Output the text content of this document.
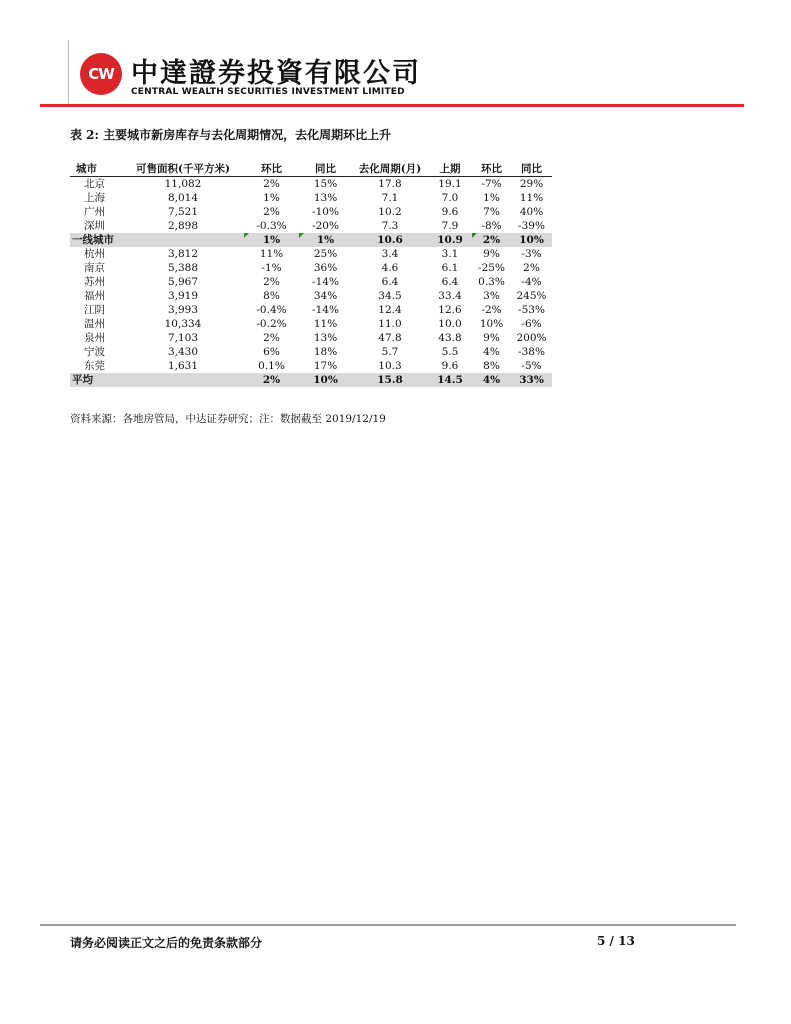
CW 中達證券投資有限公司
CENTRAL WEALTH SECURITIES INVESTMENT LIMITED
表 2: 主要城市新房库存与去化周期情况，去化周期环比上升
城市	可售面积(千平方米)	环比	同比	去化周期(月)	上期	环比	同比
北京	11,082	2%	15%	17.8	19.1	-7%	29%
上海	8,014	1%	13%	7.1	7.0	1%	11%
广州	7,521	2%	-10%	10.2	9.6	7%	40%
深圳	2,898	-0.3%	-20%	7.3	7.9	-8%	-39%
一线城市		1%	1%	10.6	10.9	2%	10%
杭州	3,812	11%	25%	3.4	3.1	9%	-3%
南京	5,388	-1%	36%	4.6	6.1	-25%	2%
苏州	5,967	2%	-14%	6.4	6.4	0.3%	-4%
福州	3,919	8%	34%	34.5	33.4	3%	245%
江阴	3,993	-0.4%	-14%	12.4	12.6	-2%	-53%
温州	10,334	-0.2%	11%	11.0	10.0	10%	-6%
泉州	7,103	2%	13%	47.8	43.8	9%	200%
宁波	3,430	6%	18%	5.7	5.5	4%	-38%
东莞	1,631	0.1%	17%	10.3	9.6	8%	-5%
平均		2%	10%	15.8	14.5	4%	33%
资料来源：各地房管局，中达证券研究；注：数据截至 2019/12/19
请务必阅读正文之后的免责条款部分	5 / 13
